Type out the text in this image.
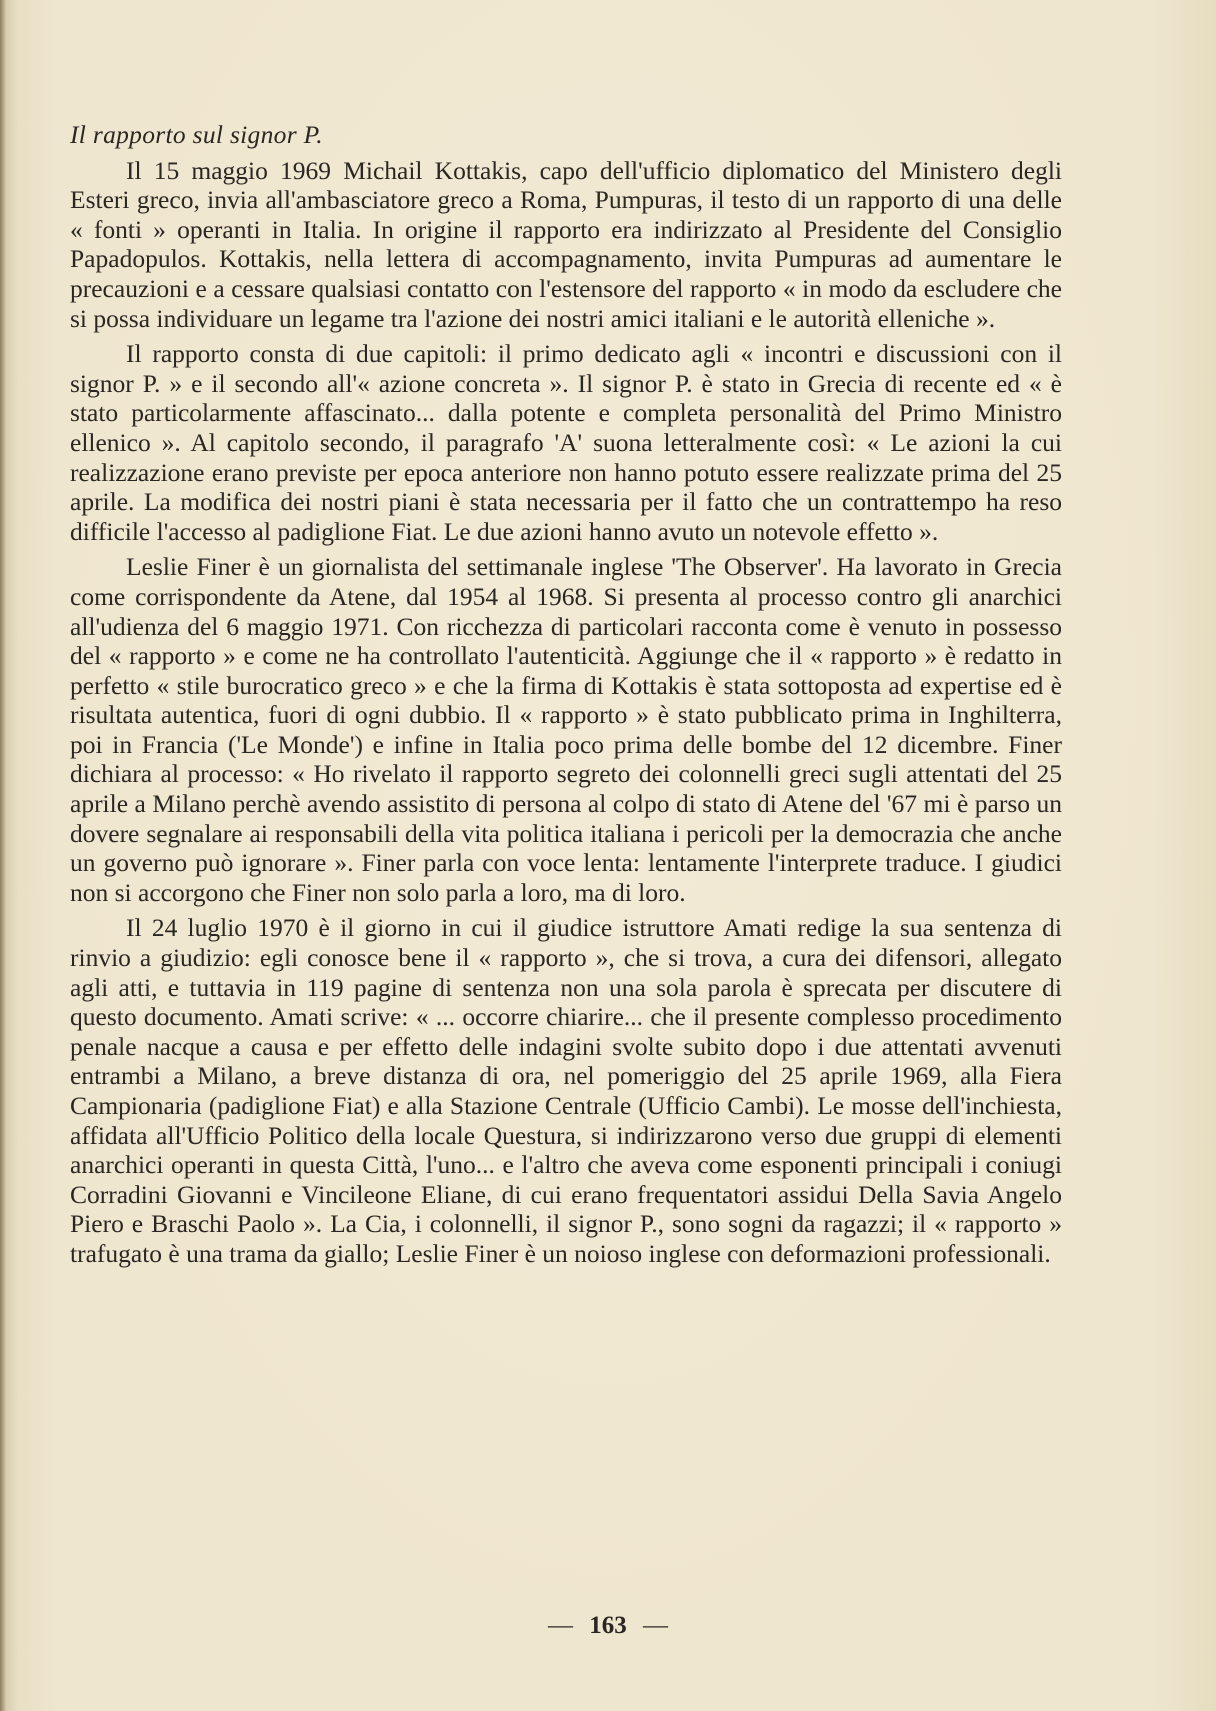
Il rapporto sul signor P.

Il 15 maggio 1969 Michail Kottakis, capo dell'ufficio diplomatico del Ministero degli Esteri greco, invia all'ambasciatore greco a Roma, Pumpuras, il testo di un rapporto di una delle « fonti » operanti in Italia. In origine il rapporto era indirizzato al Presidente del Consiglio Papadopulos. Kottakis, nella lettera di accompagnamento, invita Pumpuras ad aumentare le precauzioni e a cessare qualsiasi contatto con l'estensore del rapporto « in modo da escludere che si possa individuare un legame tra l'azione dei nostri amici italiani e le autorità elleniche ».

Il rapporto consta di due capitoli: il primo dedicato agli « incontri e discussioni con il signor P. » e il secondo all'« azione concreta ». Il signor P. è stato in Grecia di recente ed « è stato particolarmente affascinato... dalla potente e completa personalità del Primo Ministro ellenico ». Al capitolo secondo, il paragrafo 'A' suona letteralmente così: « Le azioni la cui realizzazione erano previste per epoca anteriore non hanno potuto essere realizzate prima del 25 aprile. La modifica dei nostri piani è stata necessaria per il fatto che un contrattempo ha reso difficile l'accesso al padiglione Fiat. Le due azioni hanno avuto un notevole effetto ».

Leslie Finer è un giornalista del settimanale inglese 'The Observer'. Ha lavorato in Grecia come corrispondente da Atene, dal 1954 al 1968. Si presenta al processo contro gli anarchici all'udienza del 6 maggio 1971. Con ricchezza di particolari racconta come è venuto in possesso del « rapporto » e come ne ha controllato l'autenticità. Aggiunge che il « rapporto » è redatto in perfetto « stile burocratico greco » e che la firma di Kottakis è stata sottoposta ad expertise ed è risultata autentica, fuori di ogni dubbio. Il « rapporto » è stato pubblicato prima in Inghilterra, poi in Francia ('Le Monde') e infine in Italia poco prima delle bombe del 12 dicembre. Finer dichiara al processo: « Ho rivelato il rapporto segreto dei colonnelli greci sugli attentati del 25 aprile a Milano perchè avendo assistito di persona al colpo di stato di Atene del '67 mi è parso un dovere segnalare ai responsabili della vita politica italiana i pericoli per la democrazia che anche un governo può ignorare ». Finer parla con voce lenta: lentamente l'interprete traduce. I giudici non si accorgono che Finer non solo parla a loro, ma di loro.

Il 24 luglio 1970 è il giorno in cui il giudice istruttore Amati redige la sua sentenza di rinvio a giudizio: egli conosce bene il « rapporto », che si trova, a cura dei difensori, allegato agli atti, e tuttavia in 119 pagine di sentenza non una sola parola è sprecata per discutere di questo documento. Amati scrive: « ... occorre chiarire... che il presente complesso procedimento penale nacque a causa e per effetto delle indagini svolte subito dopo i due attentati avvenuti entrambi a Milano, a breve distanza di ora, nel pomeriggio del 25 aprile 1969, alla Fiera Campionaria (padiglione Fiat) e alla Stazione Centrale (Ufficio Cambi). Le mosse dell'inchiesta, affidata all'Ufficio Politico della locale Questura, si indirizzarono verso due gruppi di elementi anarchici operanti in questa Città, l'uno... e l'altro che aveva come esponenti principali i coniugi Corradini Giovanni e Vincileone Eliane, di cui erano frequentatori assidui Della Savia Angelo Piero e Braschi Paolo ». La Cia, i colonnelli, il signor P., sono sogni da ragazzi; il « rapporto » trafugato è una trama da giallo; Leslie Finer è un noioso inglese con deformazioni professionali.

— 163 —
